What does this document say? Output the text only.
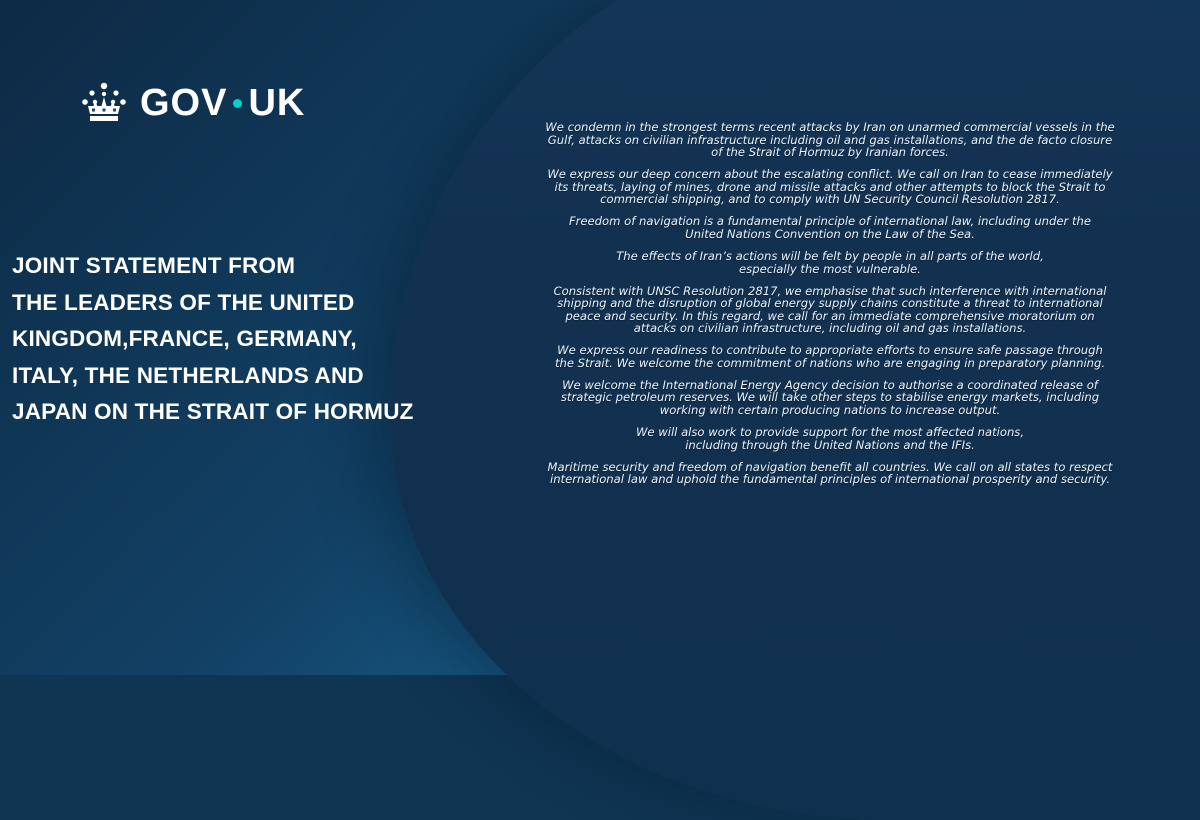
GOV UK
JOINT STATEMENT FROM
THE LEADERS OF THE UNITED
KINGDOM,FRANCE, GERMANY,
ITALY, THE NETHERLANDS AND
JAPAN ON THE STRAIT OF HORMUZ

We condemn in the strongest terms recent attacks by Iran on unarmed commercial vessels in the
Gulf, attacks on civilian infrastructure including oil and gas installations, and the de facto closure
of the Strait of Hormuz by Iranian forces.

We express our deep concern about the escalating conflict. We call on Iran to cease immediately
its threats, laying of mines, drone and missile attacks and other attempts to block the Strait to
commercial shipping, and to comply with UN Security Council Resolution 2817.

Freedom of navigation is a fundamental principle of international law, including under the
United Nations Convention on the Law of the Sea.

The effects of Iran’s actions will be felt by people in all parts of the world,
especially the most vulnerable.

Consistent with UNSC Resolution 2817, we emphasise that such interference with international
shipping and the disruption of global energy supply chains constitute a threat to international
peace and security. In this regard, we call for an immediate comprehensive moratorium on
attacks on civilian infrastructure, including oil and gas installations.

We express our readiness to contribute to appropriate efforts to ensure safe passage through
the Strait. We welcome the commitment of nations who are engaging in preparatory planning.

We welcome the International Energy Agency decision to authorise a coordinated release of
strategic petroleum reserves. We will take other steps to stabilise energy markets, including
working with certain producing nations to increase output.

We will also work to provide support for the most affected nations,
including through the United Nations and the IFIs.

Maritime security and freedom of navigation benefit all countries. We call on all states to respect
international law and uphold the fundamental principles of international prosperity and security.
